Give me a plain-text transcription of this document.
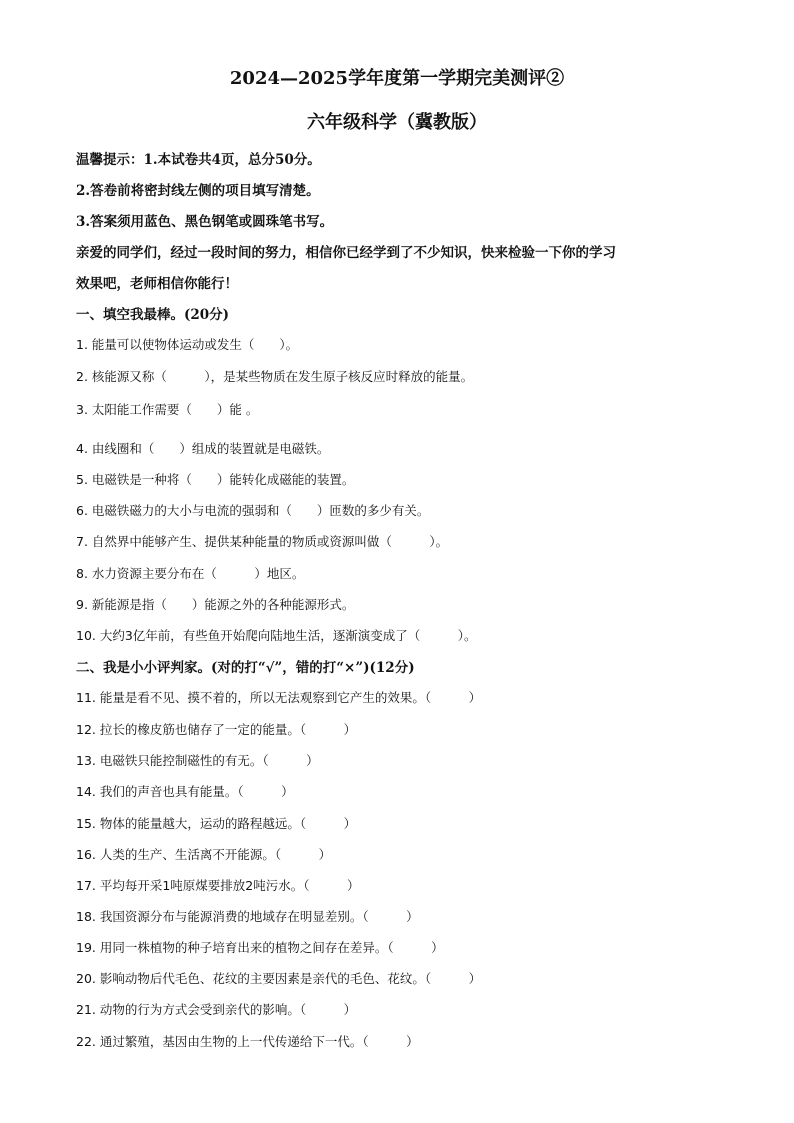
2024—2025学年度第一学期完美测评②
六年级科学（冀教版）
温馨提示：1.本试卷共4页，总分50分。
2.答卷前将密封线左侧的项目填写清楚。
3.答案须用蓝色、黑色钢笔或圆珠笔书写。
亲爱的同学们，经过一段时间的努力，相信你已经学到了不少知识，快来检验一下你的学习
效果吧，老师相信你能行！
一、填空我最棒。(20分)
1. 能量可以使物体运动或发生（　　）。
2. 核能源又称（　　　），是某些物质在发生原子核反应时释放的能量。
3. 太阳能工作需要（　　）能 。
4. 由线圈和（　　）组成的装置就是电磁铁。
5. 电磁铁是一种将（　　）能转化成磁能的装置。
6. 电磁铁磁力的大小与电流的强弱和（　　）匝数的多少有关。
7. 自然界中能够产生、提供某种能量的物质或资源叫做（　　　）。
8. 水力资源主要分布在（　　　）地区。
9. 新能源是指（　　）能源之外的各种能源形式。
10. 大约3亿年前，有些鱼开始爬向陆地生活，逐渐演变成了（　　　）。
二、我是小小评判家。(对的打“√”，错的打“×”)(12分)
11. 能量是看不见、摸不着的，所以无法观察到它产生的效果。（　　　）
12. 拉长的橡皮筋也储存了一定的能量。（　　　）
13. 电磁铁只能控制磁性的有无。（　　　）
14. 我们的声音也具有能量。（　　　）
15. 物体的能量越大，运动的路程越远。（　　　）
16. 人类的生产、生活离不开能源。（　　　）
17. 平均每开采1吨原煤要排放2吨污水。（　　　）
18. 我国资源分布与能源消费的地域存在明显差别。（　　　）
19. 用同一株植物的种子培育出来的植物之间存在差异。（　　　）
20. 影响动物后代毛色、花纹的主要因素是亲代的毛色、花纹。（　　　）
21. 动物的行为方式会受到亲代的影响。（　　　）
22. 通过繁殖，基因由生物的上一代传递给下一代。（　　　）
